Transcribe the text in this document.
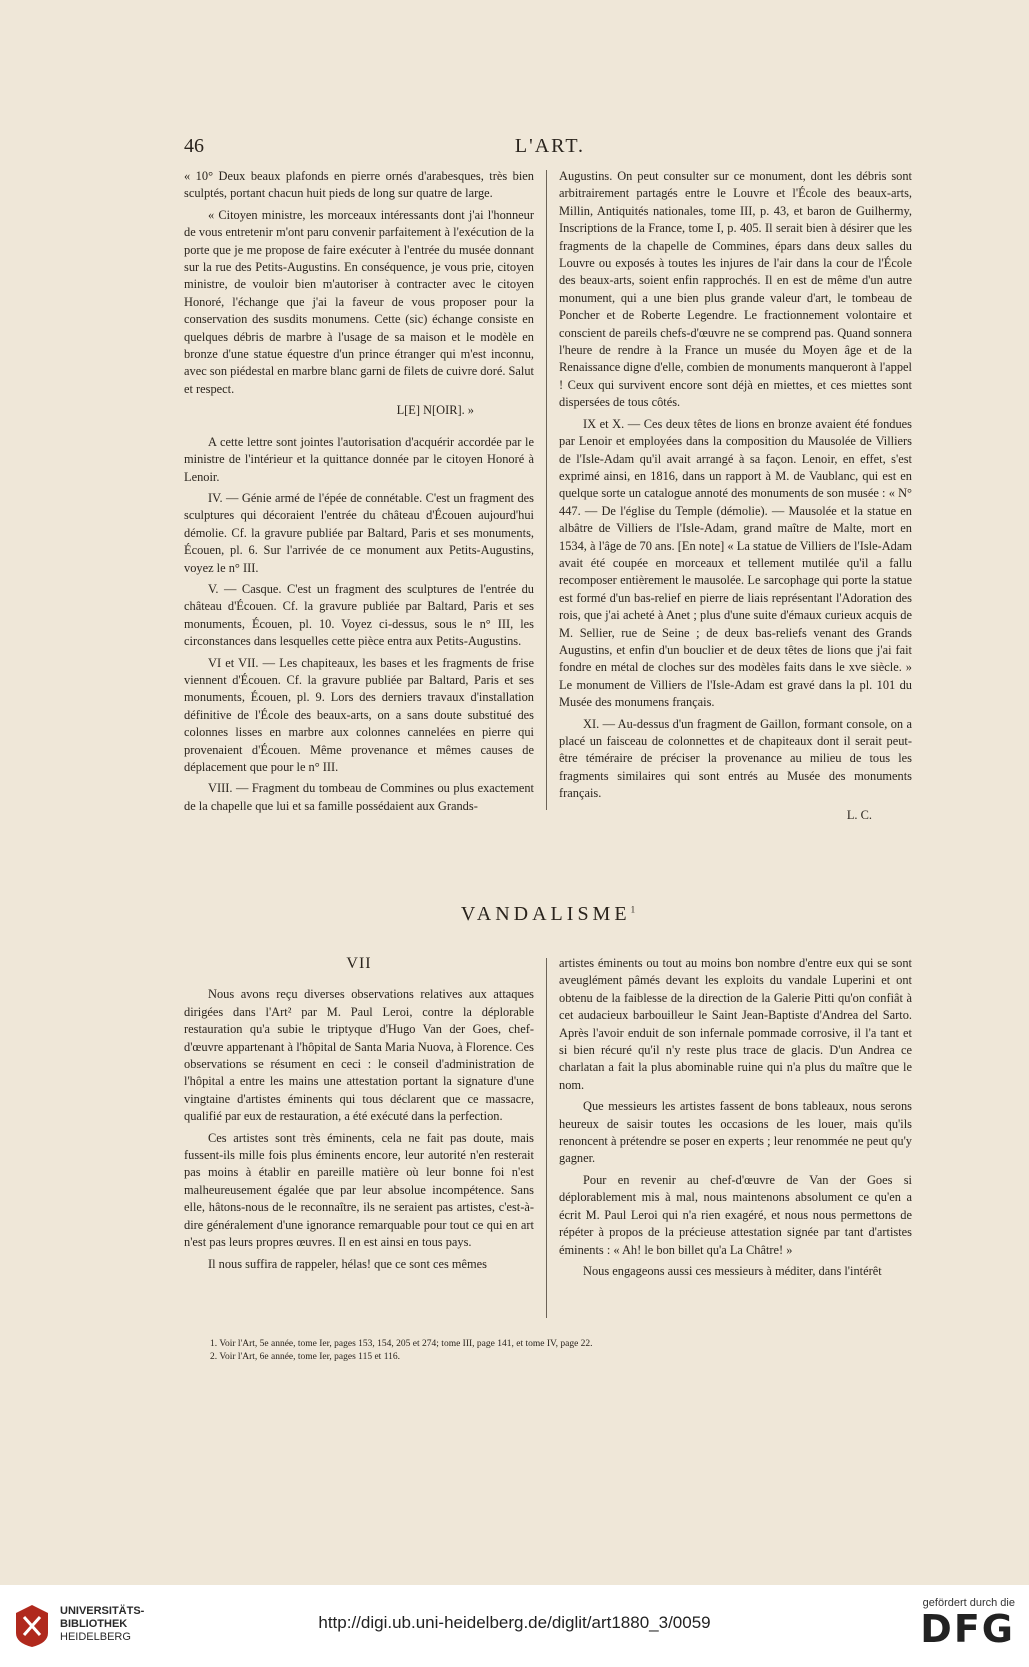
46	L'ART.

« 10° Deux beaux plafonds en pierre ornés d'arabesques, très bien sculptés, portant chacun huit pieds de long sur quatre de large.

« Citoyen ministre, les morceaux intéressants dont j'ai l'honneur de vous entretenir m'ont paru convenir parfaitement à l'exécution de la porte que je me propose de faire exécuter à l'entrée du musée donnant sur la rue des Petits-Augustins. En conséquence, je vous prie, citoyen ministre, de vouloir bien m'autoriser à contracter avec le citoyen Honoré, l'échange que j'ai la faveur de vous proposer pour la conservation des susdits monumens. Cette (sic) échange consiste en quelques débris de marbre à l'usage de sa maison et le modèle en bronze d'une statue équestre d'un prince étranger qui m'est inconnu, avec son piédestal en marbre blanc garni de filets de cuivre doré. Salut et respect.

L[E] N[OIR]. »

A cette lettre sont jointes l'autorisation d'acquérir accordée par le ministre de l'intérieur et la quittance donnée par le citoyen Honoré à Lenoir.

IV. — Génie armé de l'épée de connétable. C'est un fragment des sculptures qui décoraient l'entrée du château d'Écouen aujourd'hui démolie. Cf. la gravure publiée par Baltard, Paris et ses monuments, Écouen, pl. 6. Sur l'arrivée de ce monument aux Petits-Augustins, voyez le n° III.

V. — Casque. C'est un fragment des sculptures de l'entrée du château d'Écouen. Cf. la gravure publiée par Baltard, Paris et ses monuments, Écouen, pl. 10. Voyez ci-dessus, sous le n° III, les circonstances dans lesquelles cette pièce entra aux Petits-Augustins.

VI et VII. — Les chapiteaux, les bases et les fragments de frise viennent d'Écouen. Cf. la gravure publiée par Baltard, Paris et ses monuments, Écouen, pl. 9. Lors des derniers travaux d'installation définitive de l'École des beaux-arts, on a sans doute substitué des colonnes lisses en marbre aux colonnes cannelées en pierre qui provenaient d'Écouen. Même provenance et mêmes causes de déplacement que pour le n° III.

VIII. — Fragment du tombeau de Commines ou plus exactement de la chapelle que lui et sa famille possédaient aux Grands-

Augustins. On peut consulter sur ce monument, dont les débris sont arbitrairement partagés entre le Louvre et l'École des beaux-arts, Millin, Antiquités nationales, tome III, p. 43, et baron de Guilhermy, Inscriptions de la France, tome I, p. 405. Il serait bien à désirer que les fragments de la chapelle de Commines, épars dans deux salles du Louvre ou exposés à toutes les injures de l'air dans la cour de l'École des beaux-arts, soient enfin rapprochés. Il en est de même d'un autre monument, qui a une bien plus grande valeur d'art, le tombeau de Poncher et de Roberte Legendre. Le fractionnement volontaire et conscient de pareils chefs-d'œuvre ne se comprend pas. Quand sonnera l'heure de rendre à la France un musée du Moyen âge et de la Renaissance digne d'elle, combien de monuments manqueront à l'appel ! Ceux qui survivent encore sont déjà en miettes, et ces miettes sont dispersées de tous côtés.

IX et X. — Ces deux têtes de lions en bronze avaient été fondues par Lenoir et employées dans la composition du Mausolée de Villiers de l'Isle-Adam qu'il avait arrangé à sa façon. Lenoir, en effet, s'est exprimé ainsi, en 1816, dans un rapport à M. de Vaublanc, qui est en quelque sorte un catalogue annoté des monuments de son musée : « N° 447. — De l'église du Temple (démolie). — Mausolée et la statue en albâtre de Villiers de l'Isle-Adam, grand maître de Malte, mort en 1534, à l'âge de 70 ans. [En note] « La statue de Villiers de l'Isle-Adam avait été coupée en morceaux et tellement mutilée qu'il a fallu recomposer entièrement le mausolée. Le sarcophage qui porte la statue est formé d'un bas-relief en pierre de liais représentant l'Adoration des rois, que j'ai acheté à Anet ; plus d'une suite d'émaux curieux acquis de M. Sellier, rue de Seine ; de deux bas-reliefs venant des Grands Augustins, et enfin d'un bouclier et de deux têtes de lions que j'ai fait fondre en métal de cloches sur des modèles faits dans le xve siècle. » Le monument de Villiers de l'Isle-Adam est gravé dans la pl. 101 du Musée des monumens français.

XI. — Au-dessus d'un fragment de Gaillon, formant console, on a placé un faisceau de colonnettes et de chapiteaux dont il serait peut-être téméraire de préciser la provenance au milieu de tous les fragments similaires qui sont entrés au Musée des monuments français.

L. C.

VANDALISME$^1$

VII

Nous avons reçu diverses observations relatives aux attaques dirigées dans l'Art² par M. Paul Leroi, contre la déplorable restauration qu'a subie le triptyque d'Hugo Van der Goes, chef-d'œuvre appartenant à l'hôpital de Santa Maria Nuova, à Florence. Ces observations se résument en ceci : le conseil d'administration de l'hôpital a entre les mains une attestation portant la signature d'une vingtaine d'artistes éminents qui tous déclarent que ce massacre, qualifié par eux de restauration, a été exécuté dans la perfection.

Ces artistes sont très éminents, cela ne fait pas doute, mais fussent-ils mille fois plus éminents encore, leur autorité n'en resterait pas moins à établir en pareille matière où leur bonne foi n'est malheureusement égalée que par leur absolue incompétence. Sans elle, hâtons-nous de le reconnaître, ils ne seraient pas artistes, c'est-à-dire généralement d'une ignorance remarquable pour tout ce qui en art n'est pas leurs propres œuvres. Il en est ainsi en tous pays.

Il nous suffira de rappeler, hélas! que ce sont ces mêmes

artistes éminents ou tout au moins bon nombre d'entre eux qui se sont aveuglément pâmés devant les exploits du vandale Luperini et ont obtenu de la faiblesse de la direction de la Galerie Pitti qu'on confiât à cet audacieux barbouilleur le Saint Jean-Baptiste d'Andrea del Sarto. Après l'avoir enduit de son infernale pommade corrosive, il l'a tant et si bien récuré qu'il n'y reste plus trace de glacis. D'un Andrea ce charlatan a fait la plus abominable ruine qui n'a plus du maître que le nom.

Que messieurs les artistes fassent de bons tableaux, nous serons heureux de saisir toutes les occasions de les louer, mais qu'ils renoncent à prétendre se poser en experts ; leur renommée ne peut qu'y gagner.

Pour en revenir au chef-d'œuvre de Van der Goes si déplorablement mis à mal, nous maintenons absolument ce qu'en a écrit M. Paul Leroi qui n'a rien exagéré, et nous nous permettons de répéter à propos de la précieuse attestation signée par tant d'artistes éminents : « Ah! le bon billet qu'a La Châtre! »

Nous engageons aussi ces messieurs à méditer, dans l'intérêt

1. Voir l'Art, 5e année, tome Ier, pages 153, 154, 205 et 274; tome III, page 141, et tome IV, page 22.
2. Voir l'Art, 6e année, tome Ier, pages 115 et 116.
UNIVERSITÄTS-
BIBLIOTHEK
HEIDELBERG
http://digi.ub.uni-heidelberg.de/diglit/art1880_3/0059
gefördert durch die
DFG
